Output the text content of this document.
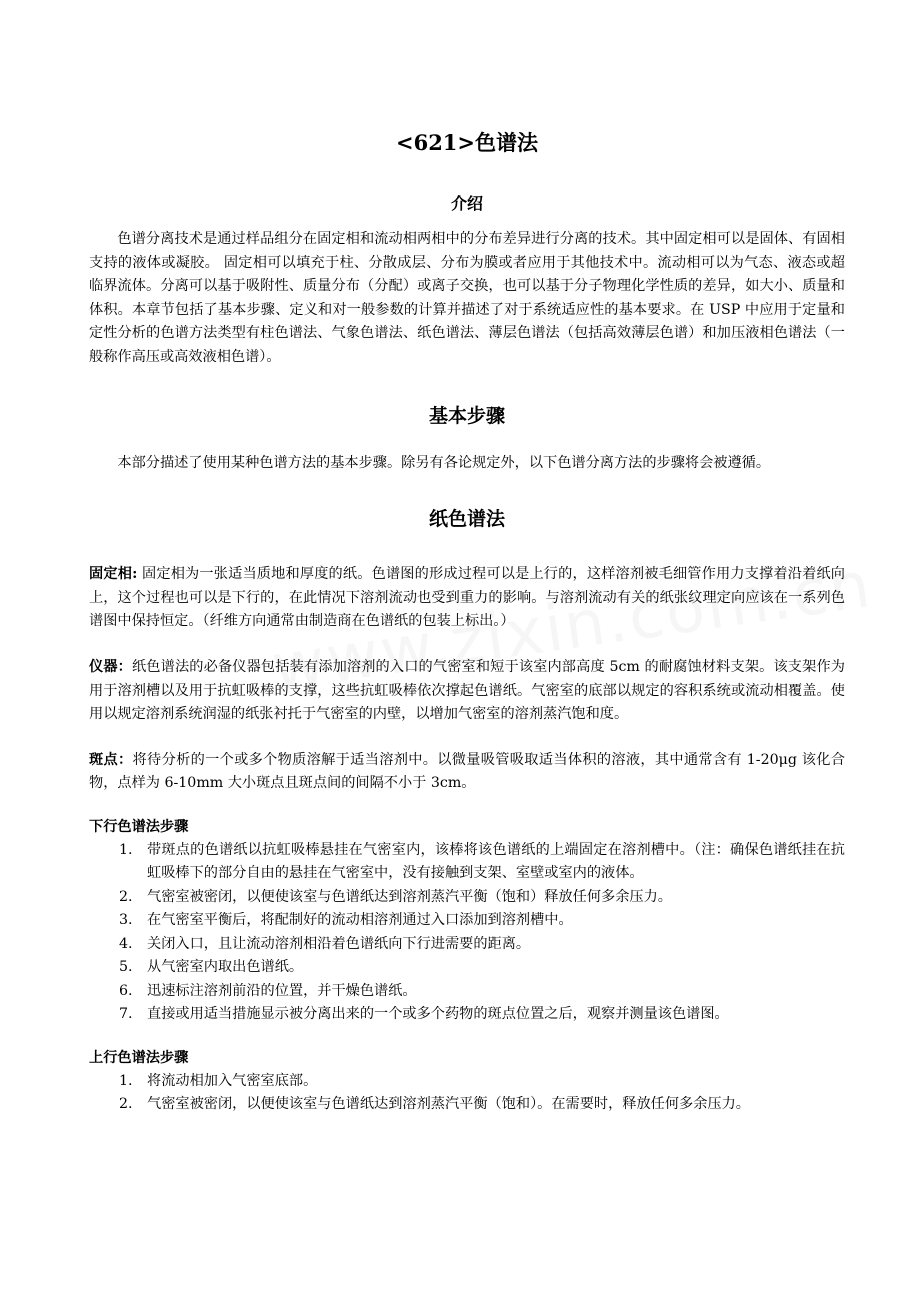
<621>色谱法
介绍

色谱分离技术是通过样品组分在固定相和流动相两相中的分布差异进行分离的技术。其中固定相可以是固体、有固相支持的液体或凝胶。 固定相可以填充于柱、分散成层、分布为膜或者应用于其他技术中。流动相可以为气态、液态或超临界流体。分离可以基于吸附性、质量分布（分配）或离子交换，也可以基于分子物理化学性质的差异，如大小、质量和体积。本章节包括了基本步骤、定义和对一般参数的计算并描述了对于系统适应性的基本要求。在 USP 中应用于定量和定性分析的色谱方法类型有柱色谱法、气象色谱法、纸色谱法、薄层色谱法（包括高效薄层色谱）和加压液相色谱法（一般称作高压或高效液相色谱）。

基本步骤

本部分描述了使用某种色谱方法的基本步骤。除另有各论规定外，以下色谱分离方法的步骤将会被遵循。

纸色谱法

固定相: 固定相为一张适当质地和厚度的纸。色谱图的形成过程可以是上行的，这样溶剂被毛细管作用力支撑着沿着纸向上，这个过程也可以是下行的，在此情况下溶剂流动也受到重力的影响。与溶剂流动有关的纸张纹理定向应该在一系列色谱图中保持恒定。（纤维方向通常由制造商在色谱纸的包装上标出。）

仪器：纸色谱法的必备仪器包括装有添加溶剂的入口的气密室和短于该室内部高度 5cm 的耐腐蚀材料支架。该支架作为用于溶剂槽以及用于抗虹吸棒的支撑，这些抗虹吸棒依次撑起色谱纸。气密室的底部以规定的容积系统或流动相覆盖。使用以规定溶剂系统润湿的纸张衬托于气密室的内壁，以增加气密室的溶剂蒸汽饱和度。

斑点：将待分析的一个或多个物质溶解于适当溶剂中。以微量吸管吸取适当体积的溶液，其中通常含有 1-20μg 该化合物，点样为 6-10mm 大小斑点且斑点间的间隔不小于 3cm。

下行色谱法步骤
1. 带斑点的色谱纸以抗虹吸棒悬挂在气密室内，该棒将该色谱纸的上端固定在溶剂槽中。（注：确保色谱纸挂在抗虹吸棒下的部分自由的悬挂在气密室中，没有接触到支架、室壁或室内的液体。
2. 气密室被密闭，以便使该室与色谱纸达到溶剂蒸汽平衡（饱和）释放任何多余压力。
3. 在气密室平衡后，将配制好的流动相溶剂通过入口添加到溶剂槽中。
4. 关闭入口，且让流动溶剂相沿着色谱纸向下行进需要的距离。
5. 从气密室内取出色谱纸。
6. 迅速标注溶剂前沿的位置，并干燥色谱纸。
7. 直接或用适当措施显示被分离出来的一个或多个药物的斑点位置之后，观察并测量该色谱图。
上行色谱法步骤
1. 将流动相加入气密室底部。
2. 气密室被密闭，以便使该室与色谱纸达到溶剂蒸汽平衡（饱和）。在需要时，释放任何多余压力。
